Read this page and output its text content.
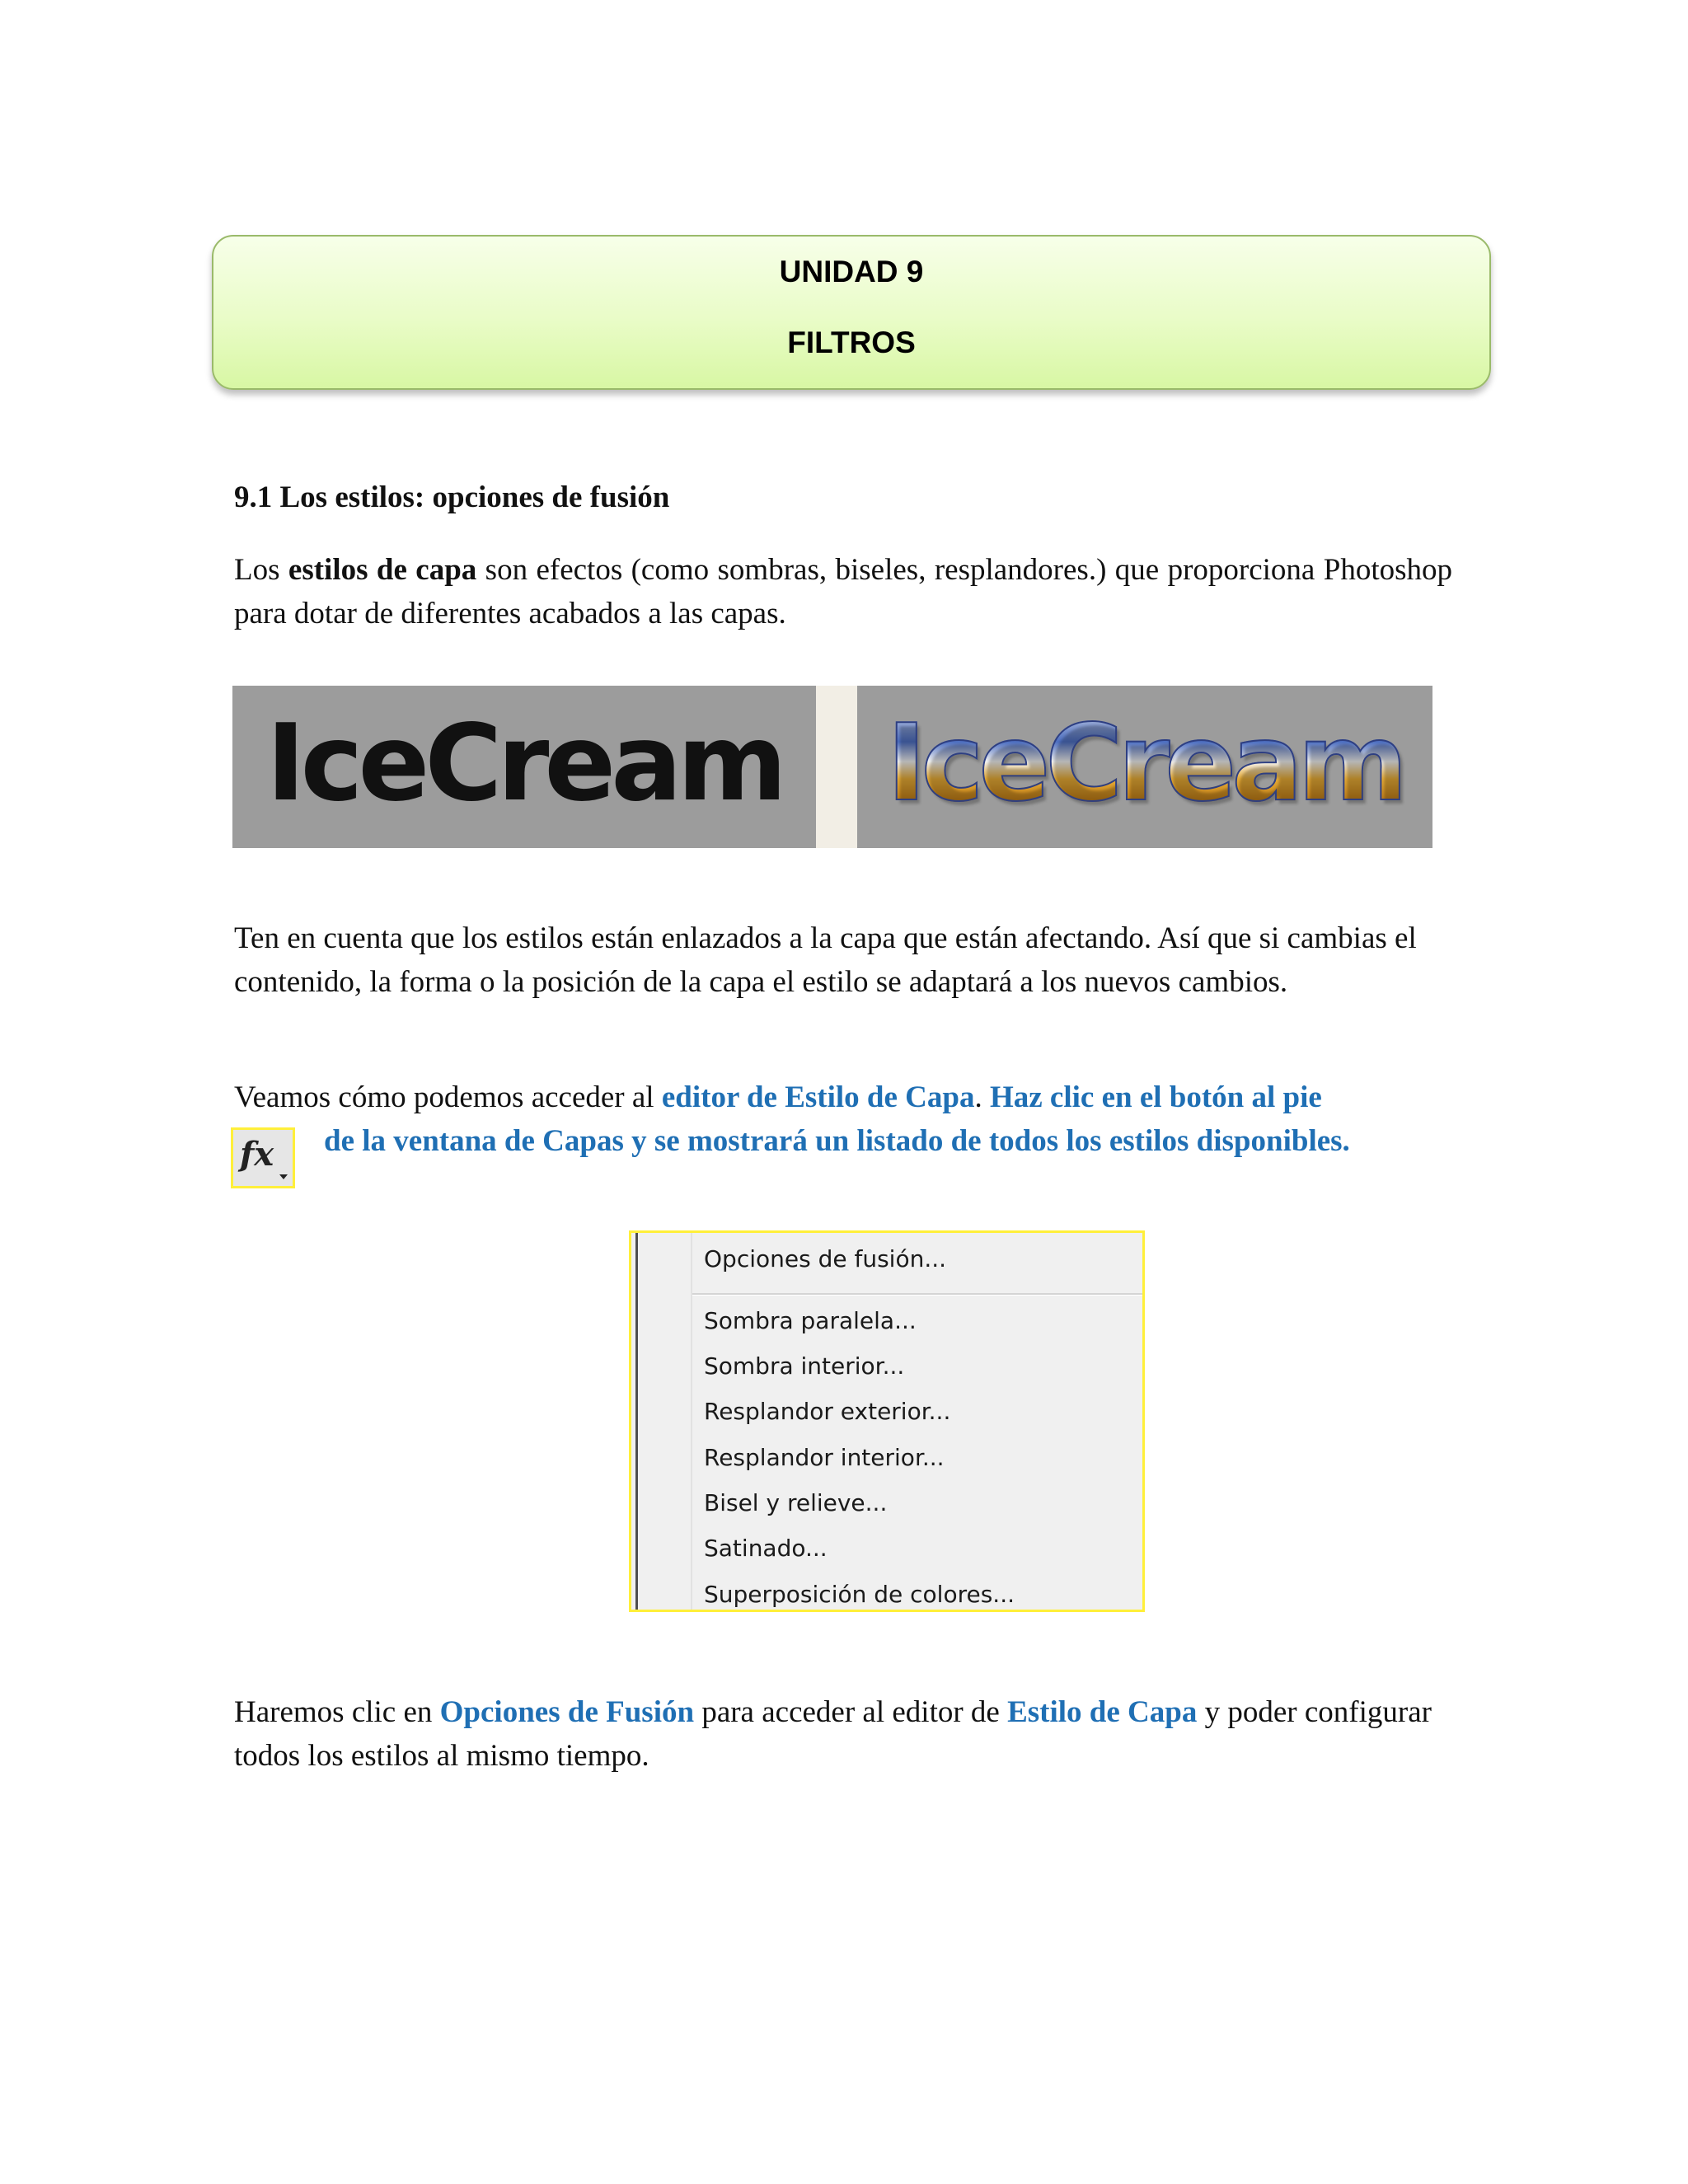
UNIDAD 9
FILTROS
9.1 Los estilos: opciones de fusión
Los estilos de capa son efectos (como sombras, biseles, resplandores.) que proporciona Photoshop para dotar de diferentes acabados a las capas.
IceCream IceCream
Ten en cuenta que los estilos están enlazados a la capa que están afectando. Así que si cambias el contenido, la forma o la posición de la capa el estilo se adaptará a los nuevos cambios.
Veamos cómo podemos acceder al editor de Estilo de Capa. Haz clic en el botón al pie
de la ventana de Capas y se mostrará un listado de todos los estilos disponibles.
fx
Opciones de fusión...
Sombra paralela...
Sombra interior...
Resplandor exterior...
Resplandor interior...
Bisel y relieve...
Satinado...
Superposición de colores...
Haremos clic en Opciones de Fusión para acceder al editor de Estilo de Capa y poder configurar todos los estilos al mismo tiempo.
